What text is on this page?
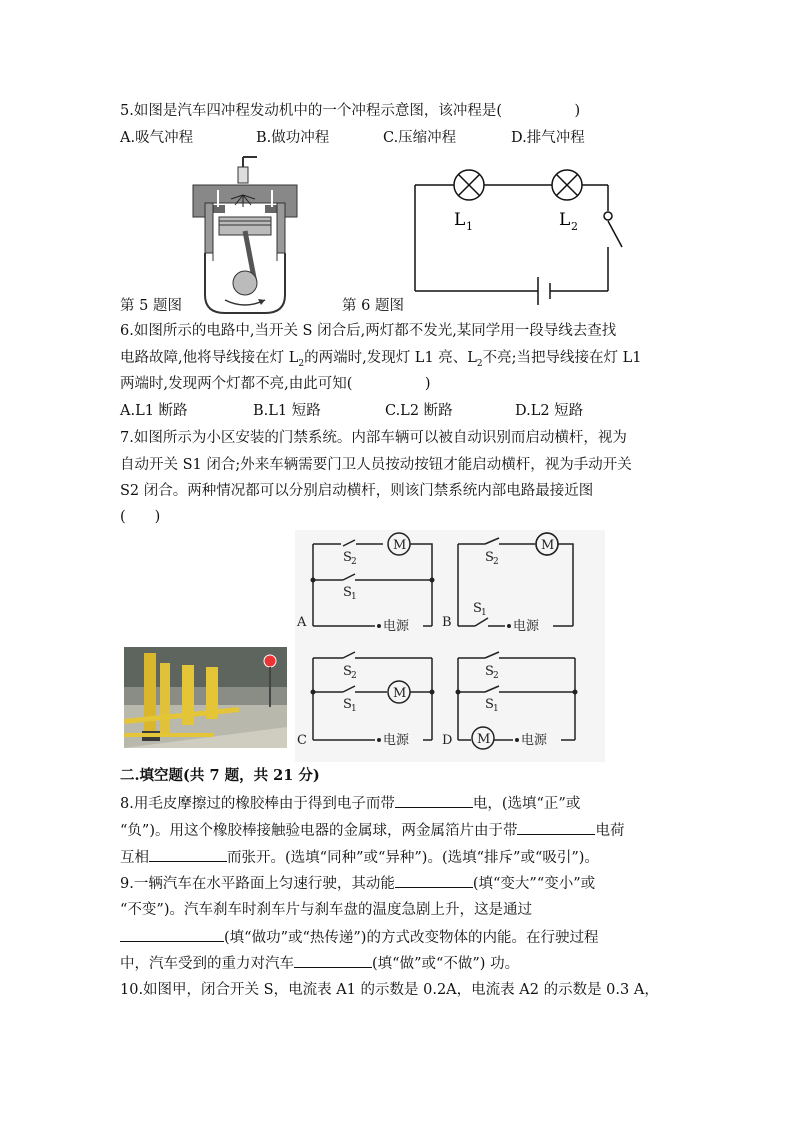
5.如图是汽车四冲程发动机中的一个冲程示意图，该冲程是(　　　　　)
A.吸气冲程	B.做功冲程	C.压缩冲程	D.排气冲程
L 1	L 2
第 5 题图	第 6 题图
6.如图所示的电路中,当开关 S 闭合后,两灯都不发光,某同学用一段导线去查找
电路故障,他将导线接在灯 $L_2$的两端时,发现灯 L1 亮、$L_2$不亮;当把导线接在灯 L1
两端时,发现两个灯都不亮,由此可知(　　　　　)
A.L1 断路	B.L1 短路	C.L2 断路	D.L2 短路
7.如图所示为小区安装的门禁系统。内部车辆可以被自动识别而启动横杆，视为
自动开关 S1 闭合;外来车辆需要门卫人员按动按钮才能启动横杆，视为手动开关
S2 闭合。两种情况都可以分别启动横杆，则该门禁系统内部电路最接近图
(　　)
A	B
C	D
S 2
S 1
M
电源
S 2
S 1
M
电源
S 2
S 1
M
电源
S 2
S 1
M 电源
二.填空题(共 7 题，共 21 分)
8.用毛皮摩擦过的橡胶棒由于得到电子而带	电，(选填“正”或
“负”)。用这个橡胶棒接触验电器的金属球，两金属箔片由于带	电荷
互相	而张开。(选填“同种”或“异种”)。(选填“排斥”或“吸引”)。
9.一辆汽车在水平路面上匀速行驶，其动能	(填“变大”“变小”或
“不变”)。汽车刹车时刹车片与刹车盘的温度急剧上升，这是通过
(填“做功”或“热传递”)的方式改变物体的内能。在行驶过程
中，汽车受到的重力对汽车	(填“做”或“不做”) 功。
10.如图甲，闭合开关 S，电流表 A1 的示数是 0.2A，电流表 A2 的示数是 0.3 A，
